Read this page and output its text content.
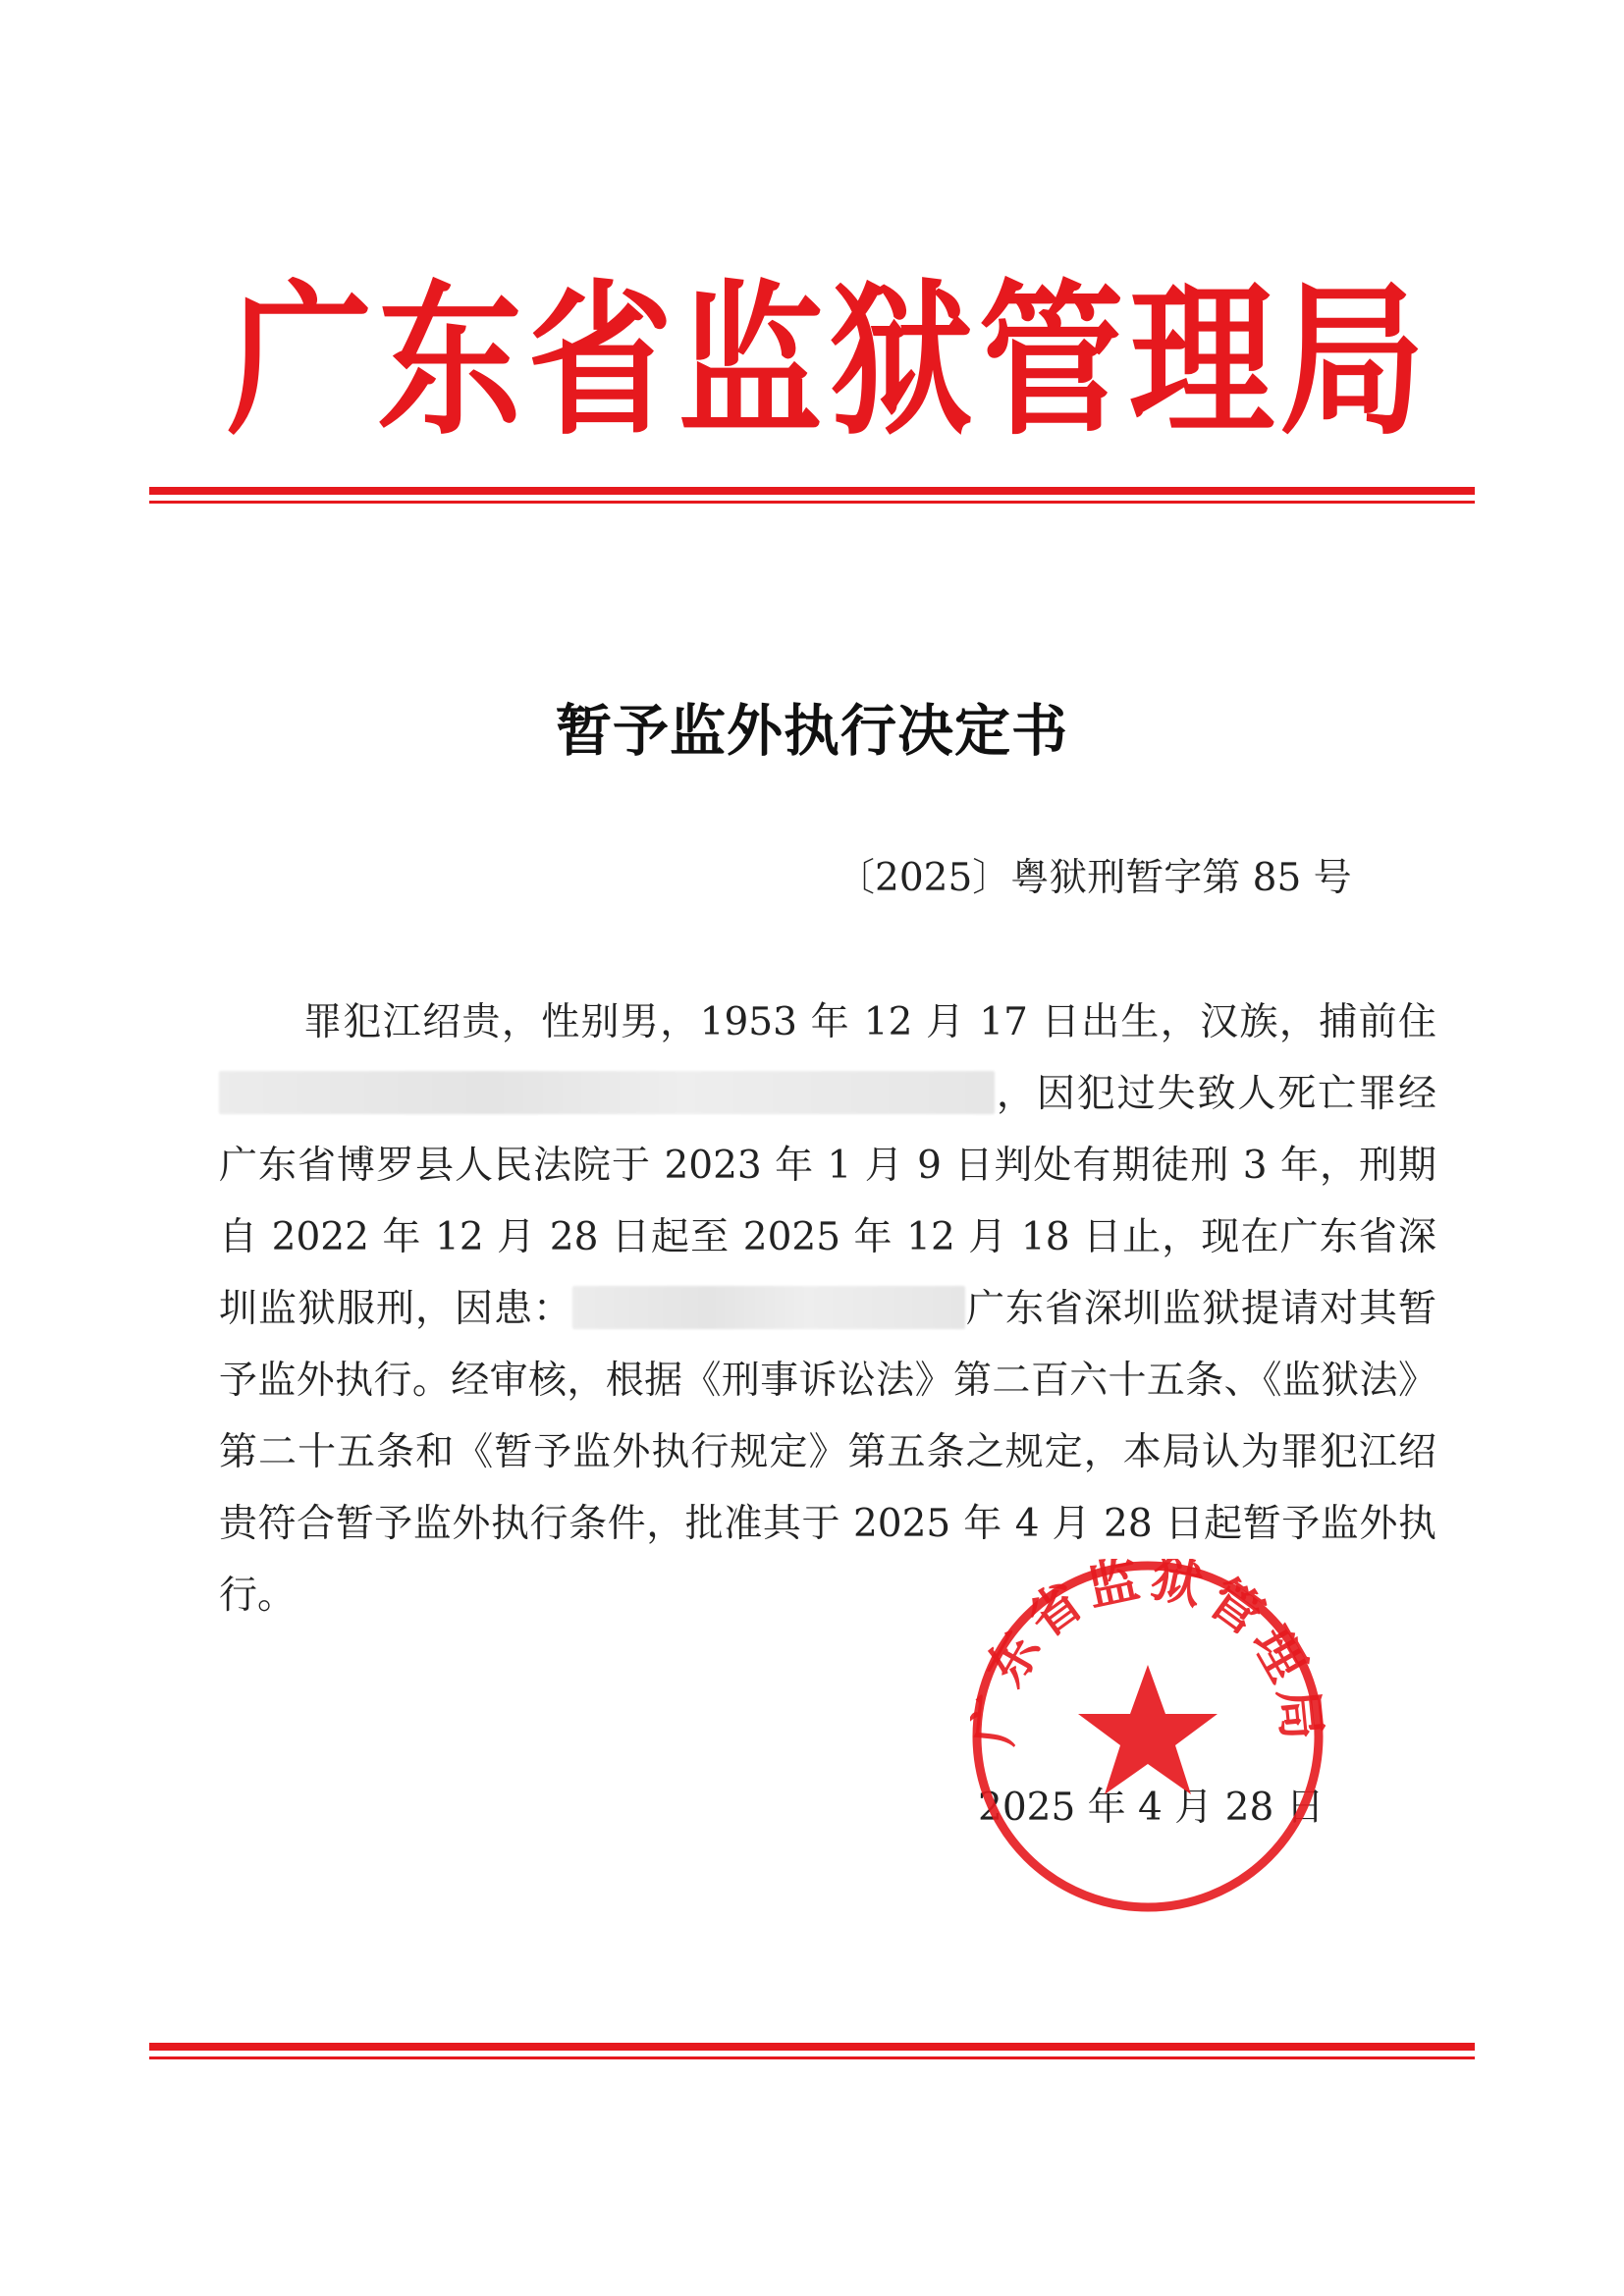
广东省监狱管理局
暂予监外执行决定书
〔2025〕粤狱刑暂字第 85 号
罪犯江绍贵，性别男，1953 年 12 月 17 日出生，汉族，捕前住，因犯过失致人死亡罪经广东省博罗县人民法院于 2023 年 1 月 9 日判处有期徒刑 3 年，刑期自 2022 年 12 月 28 日起至 2025 年 12 月 18 日止，现在广东省深圳监狱服刑，因患：	广东省深圳监狱提请对其暂予监外执行。经审核，根据《刑事诉讼法》第二百六十五条、《监狱法》第二十五条和《暂予监外执行规定》第五条之规定，本局认为罪犯江绍贵符合暂予监外执行条件，批准其于 2025 年 4 月 28 日起暂予监外执行。
2025 年 4 月 28 日
东省监狱管理
